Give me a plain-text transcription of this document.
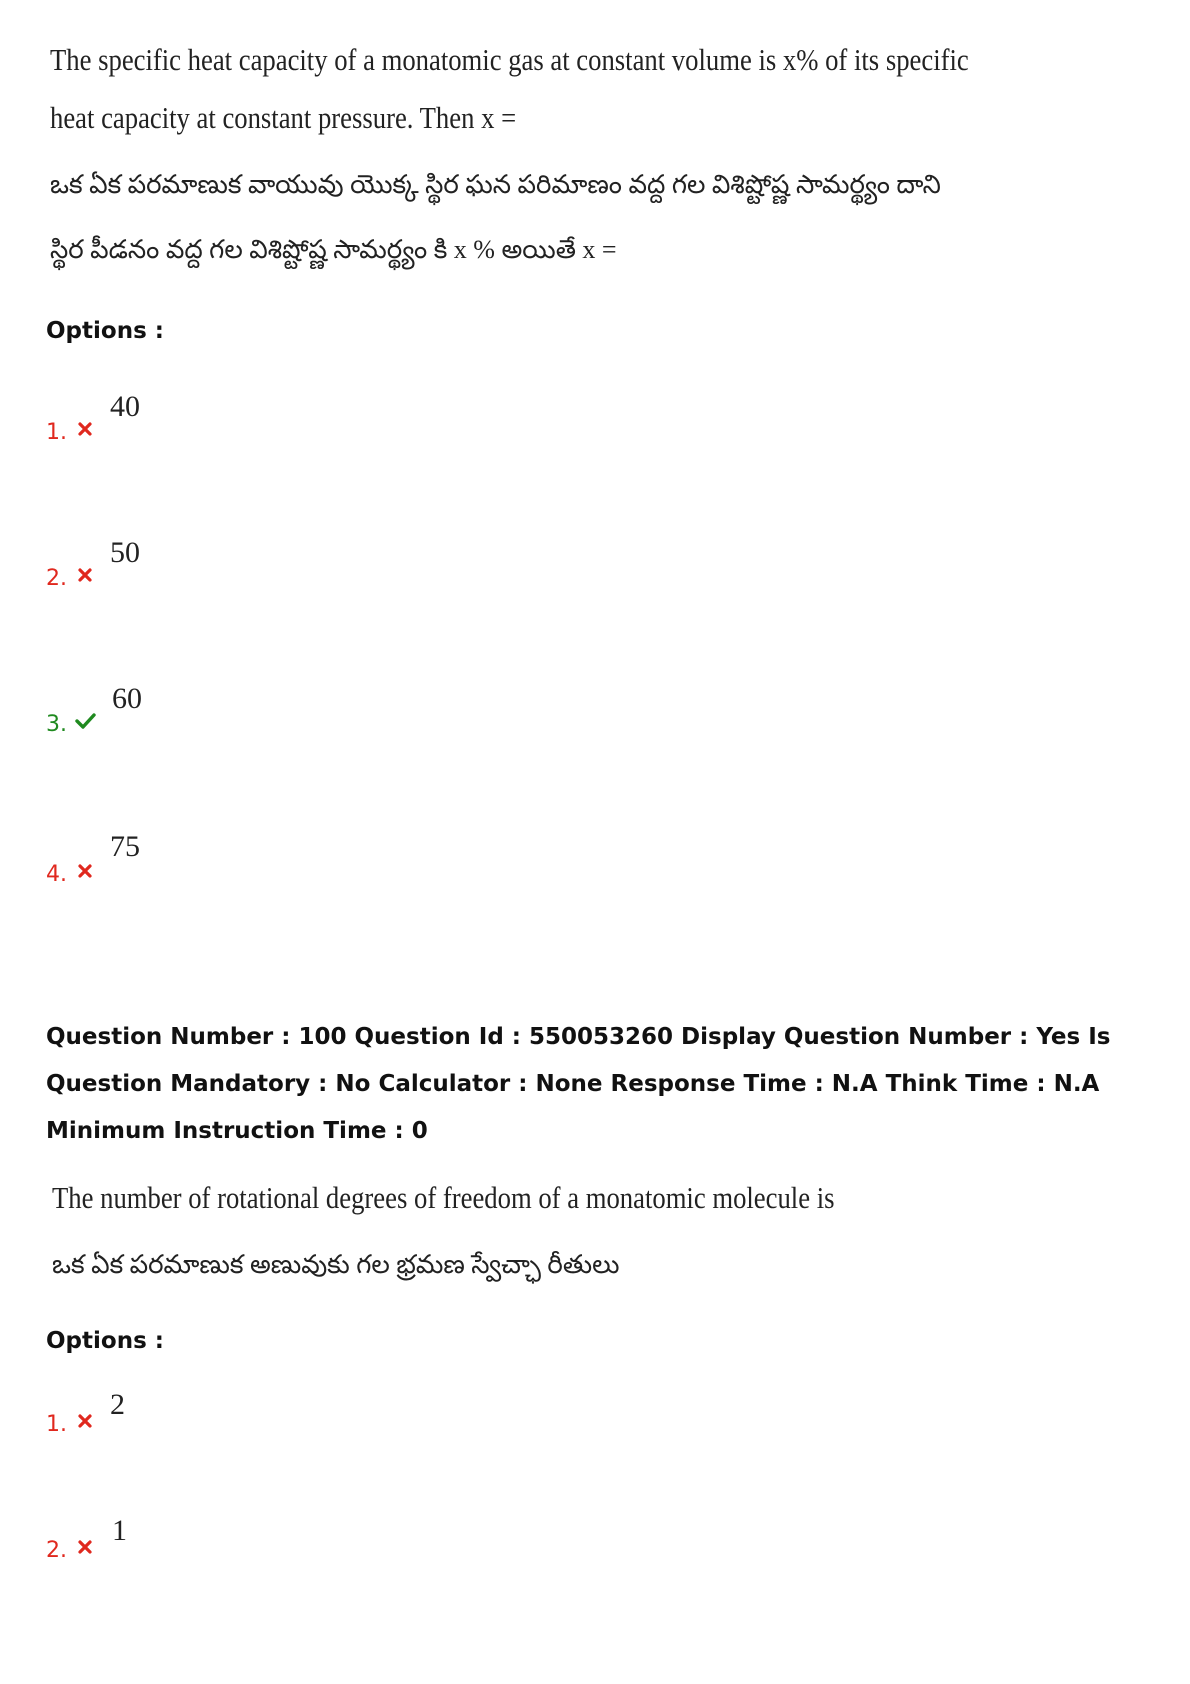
The specific heat capacity of a monatomic gas at constant volume is x% of its specific
heat capacity at constant pressure. Then x =
ఒక ఏక పరమాణుక వాయువు యొక్క స్థిర ఘన పరిమాణం వద్ద గల విశిష్టోష్ణ సామర్థ్యం దాని
స్థిర పీడనం వద్ద గల విశిష్టోష్ణ సామర్థ్యం కి x % అయితే x =
Options :
1.
40
2.
50
3.
60
4.
75
Question Number : 100 Question Id : 550053260 Display Question Number : Yes Is Question Mandatory : No Calculator : None Response Time : N.A Think Time : N.A Minimum Instruction Time : 0
The number of rotational degrees of freedom of a monatomic molecule is
ఒక ఏక పరమాణుక అణువుకు గల భ్రమణ స్వేచ్ఛా రీతులు
Options :
1.
2
2.
1
